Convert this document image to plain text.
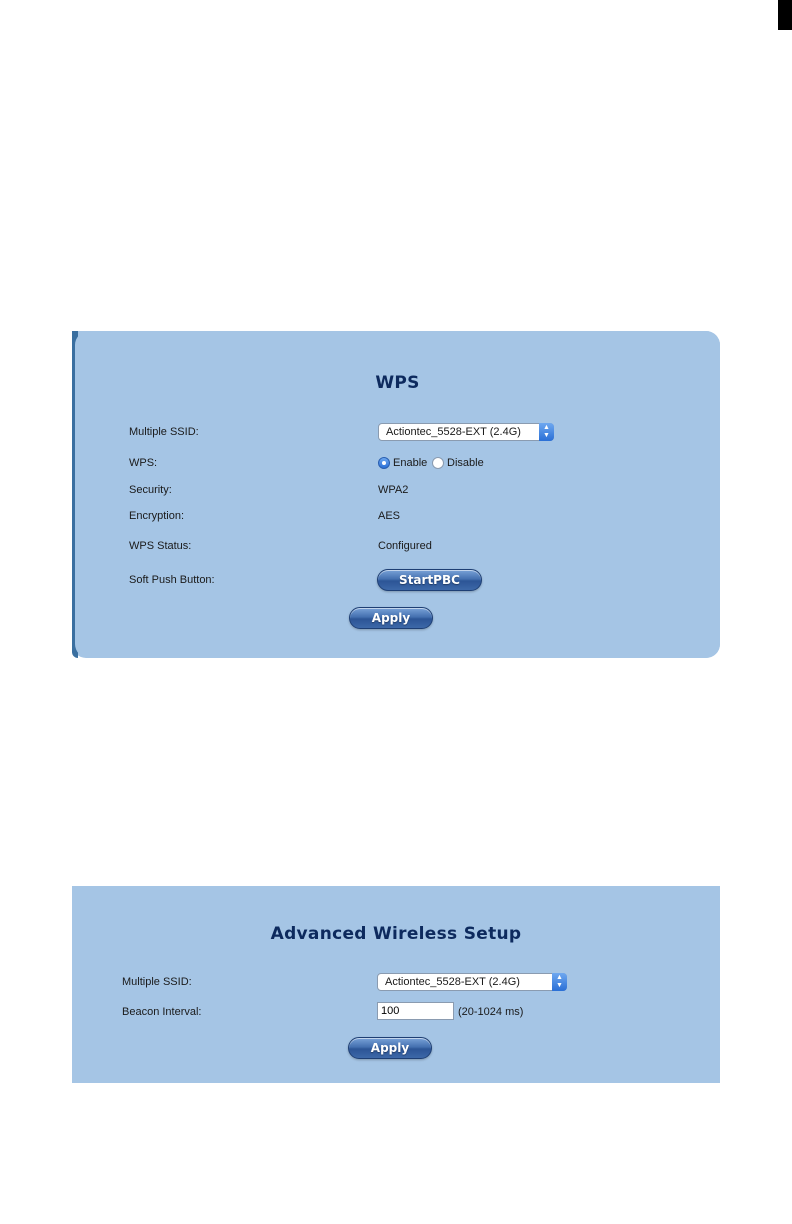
WPS
Multiple SSID:	Actiontec_5528-EXT (2.4G)	▲
▼
WPS:	Enable Disable
Security:	WPA2
Encryption:	AES
WPS Status:	Configured
Soft Push Button:	StartPBC
Apply
Advanced Wireless Setup
Multiple SSID:	Actiontec_5528-EXT (2.4G)	▲
▼
Beacon Interval:
100	(20-1024 ms)
Apply
